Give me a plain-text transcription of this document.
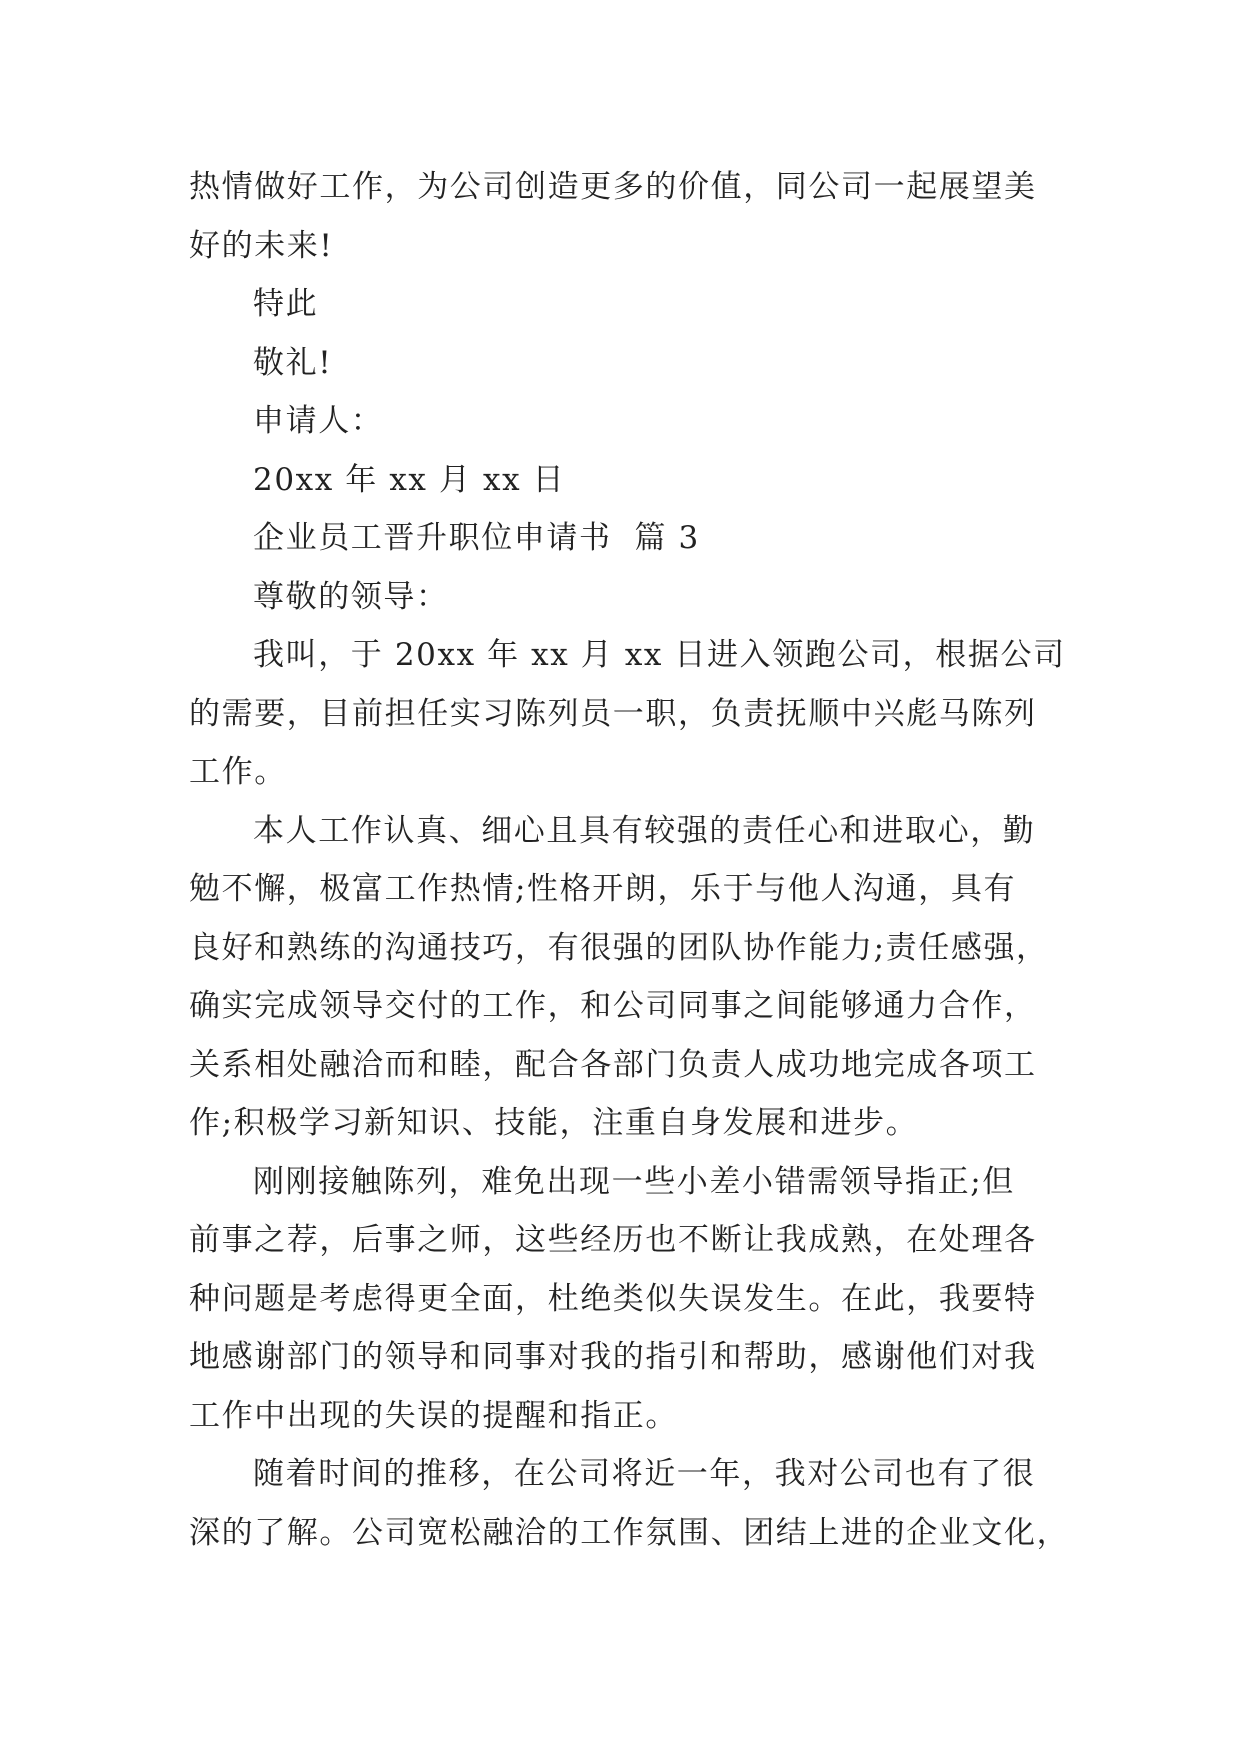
热情做好工作，为公司创造更多的价值，同公司一起展望美
好的未来!
特此
敬礼!
申请人：
20xx 年 xx 月 xx 日
企业员工晋升职位申请书  篇 3
尊敬的领导：
我叫，于 20xx 年 xx 月 xx 日进入领跑公司，根据公司
的需要，目前担任实习陈列员一职，负责抚顺中兴彪马陈列
工作。
本人工作认真、细心且具有较强的责任心和进取心，勤
勉不懈，极富工作热情;性格开朗，乐于与他人沟通，具有
良好和熟练的沟通技巧，有很强的团队协作能力;责任感强，
确实完成领导交付的工作，和公司同事之间能够通力合作，
关系相处融洽而和睦，配合各部门负责人成功地完成各项工
作;积极学习新知识、技能，注重自身发展和进步。
刚刚接触陈列，难免出现一些小差小错需领导指正;但
前事之荐，后事之师，这些经历也不断让我成熟，在处理各
种问题是考虑得更全面，杜绝类似失误发生。在此，我要特
地感谢部门的领导和同事对我的指引和帮助，感谢他们对我
工作中出现的失误的提醒和指正。
随着时间的推移，在公司将近一年，我对公司也有了很
深的了解。公司宽松融洽的工作氛围、团结上进的企业文化，
